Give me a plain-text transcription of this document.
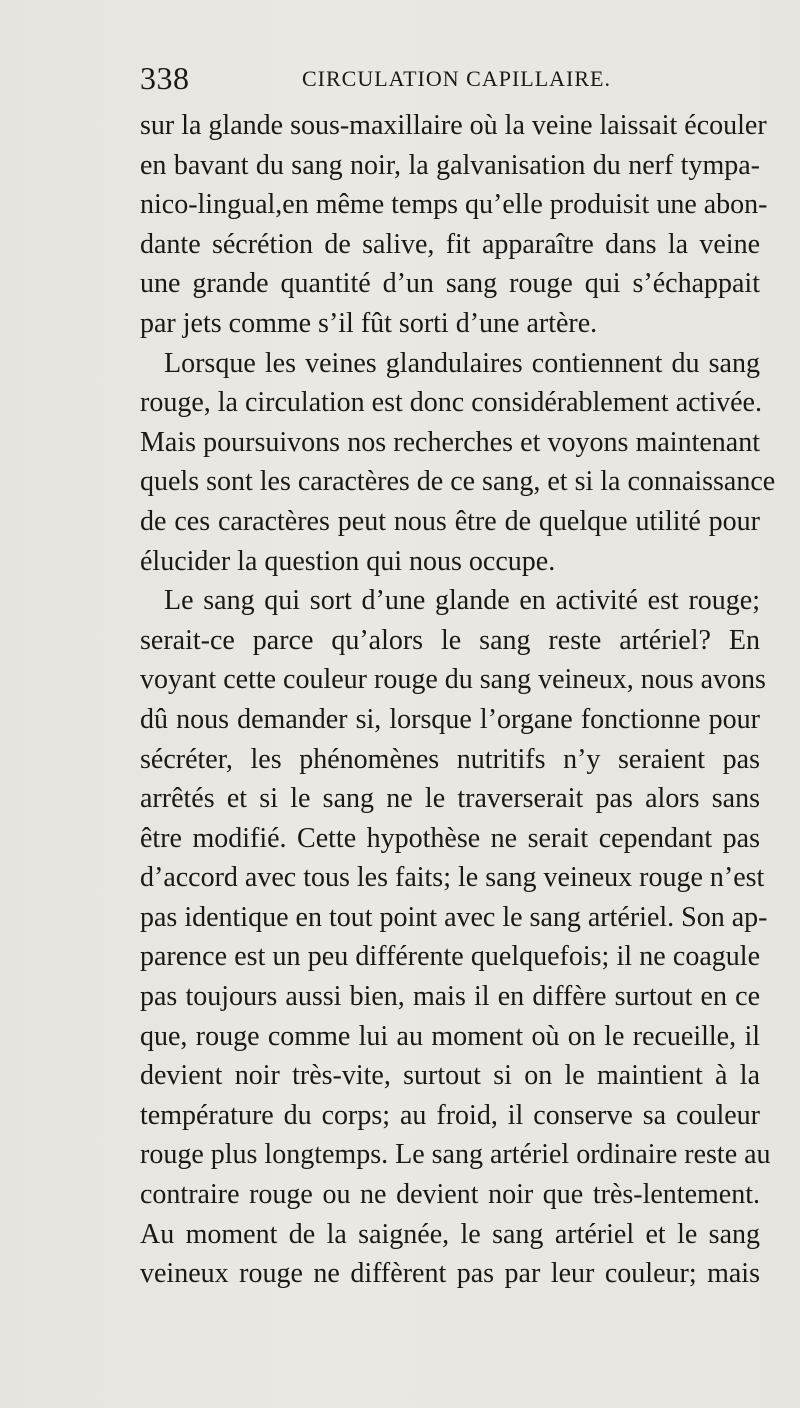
338	CIRCULATION CAPILLAIRE.
sur la glande sous-maxillaire où la veine laissait écouler
en bavant du sang noir, la galvanisation du nerf tympa-
nico-lingual,en même temps qu’elle produisit une abon-
dante sécrétion de salive, fit apparaître dans la veine
une grande quantité d’un sang rouge qui s’échappait
par jets comme s’il fût sorti d’une artère.
Lorsque les veines glandulaires contiennent du sang
rouge, la circulation est donc considérablement activée.
Mais poursuivons nos recherches et voyons maintenant
quels sont les caractères de ce sang, et si la connaissance
de ces caractères peut nous être de quelque utilité pour
élucider la question qui nous occupe.
Le sang qui sort d’une glande en activité est rouge;
serait-ce parce qu’alors le sang reste artériel? En
voyant cette couleur rouge du sang veineux, nous avons
dû nous demander si, lorsque l’organe fonctionne pour
sécréter, les phénomènes nutritifs n’y seraient pas
arrêtés et si le sang ne le traverserait pas alors sans
être modifié. Cette hypothèse ne serait cependant pas
d’accord avec tous les faits; le sang veineux rouge n’est
pas identique en tout point avec le sang artériel. Son ap-
parence est un peu différente quelquefois; il ne coagule
pas toujours aussi bien, mais il en diffère surtout en ce
que, rouge comme lui au moment où on le recueille, il
devient noir très-vite, surtout si on le maintient à la
température du corps; au froid, il conserve sa couleur
rouge plus longtemps. Le sang artériel ordinaire reste au
contraire rouge ou ne devient noir que très-lentement.
Au moment de la saignée, le sang artériel et le sang
veineux rouge ne diffèrent pas par leur couleur; mais
